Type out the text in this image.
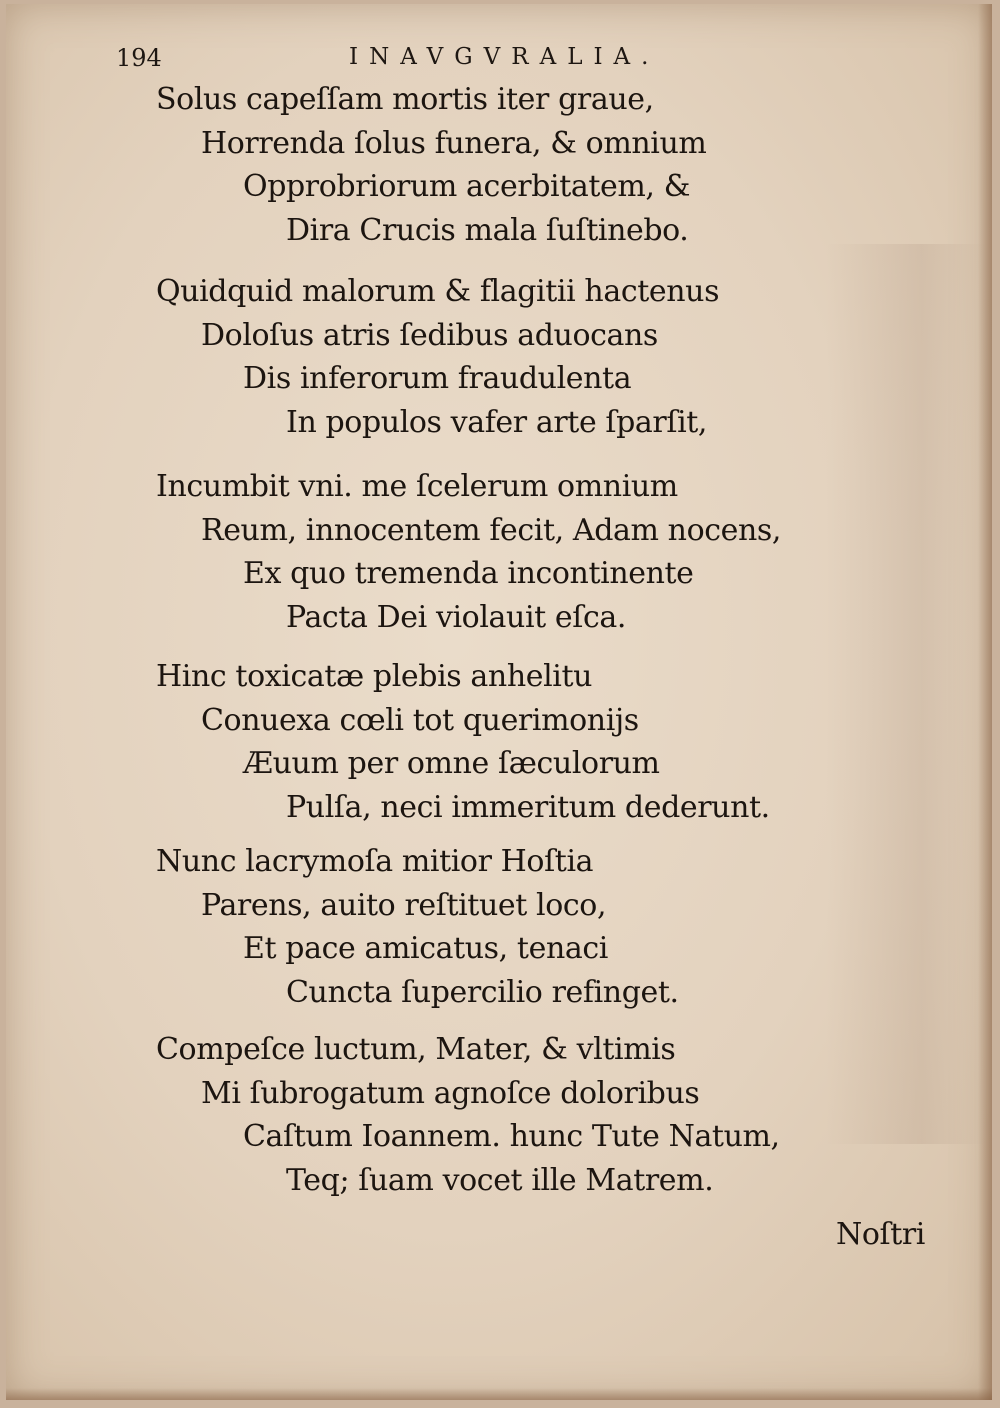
194	INAVGVRALIA.
Solus capeſſam mortis iter graue,
Horrenda ſolus funera, & omnium
Opprobriorum acerbitatem, &
Dira Crucis mala ſuſtinebo.
Quidquid malorum & flagitii hactenus
Doloſus atris ſedibus aduocans
Dis inferorum fraudulenta
In populos vafer arte ſparſit,
Incumbit vni. me ſcelerum omnium
Reum, innocentem fecit, Adam nocens,
Ex quo tremenda incontinente
Pacta Dei violauit eſca.
Hinc toxicatæ plebis anhelitu
Conuexa cœli tot querimonijs
Æuum per omne ſæculorum
Pulſa, neci immeritum dederunt.
Nunc lacrymoſa mitior Hoſtia
Parens, auito reſtituet loco,
Et pace amicatus, tenaci
Cuncta ſupercilio refinget.
Compeſce luctum, Mater, & vltimis
Mi ſubrogatum agnoſce doloribus
Caſtum Ioannem. hunc Tute Natum,
Teq; ſuam vocet ille Matrem.
Noſtri
